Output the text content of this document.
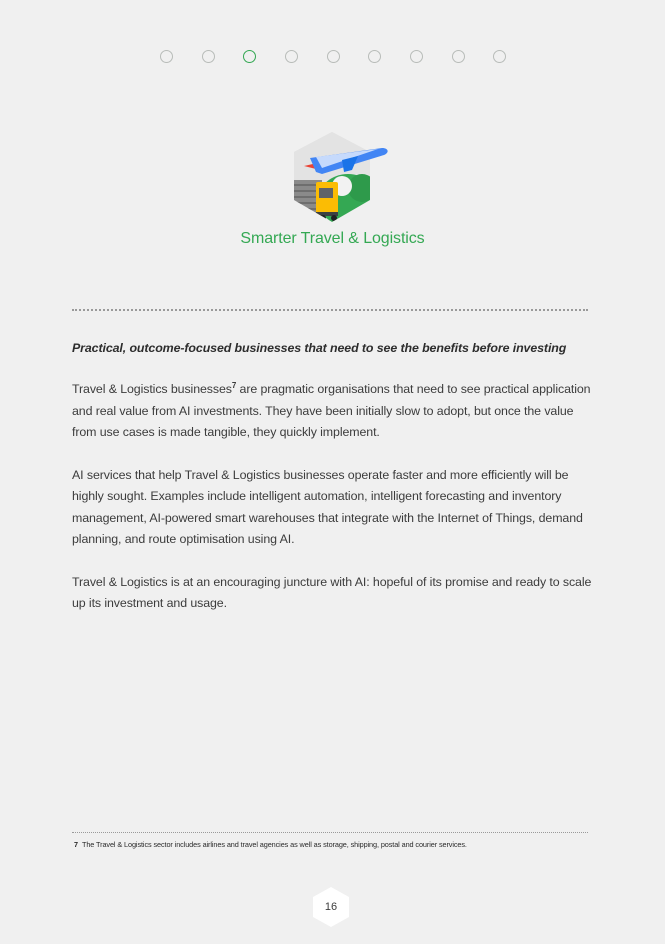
Smarter Travel & Logistics

Practical, outcome-focused businesses that need to see the benefits before investing

Travel & Logistics businesses$^7$ are pragmatic organisations that need to see practical application and real value from AI investments. They have been initially slow to adopt, but once the value from use cases is made tangible, they quickly implement.

AI services that help Travel & Logistics businesses operate faster and more efficiently will be highly sought. Examples include intelligent automation, intelligent forecasting and inventory management, AI-powered smart warehouses that integrate with the Internet of Things, demand planning, and route optimisation using AI.

Travel & Logistics is at an encouraging juncture with AI: hopeful of its promise and ready to scale up its investment and usage.

7 The Travel & Logistics sector includes airlines and travel agencies as well as storage, shipping, postal and courier services.
16
